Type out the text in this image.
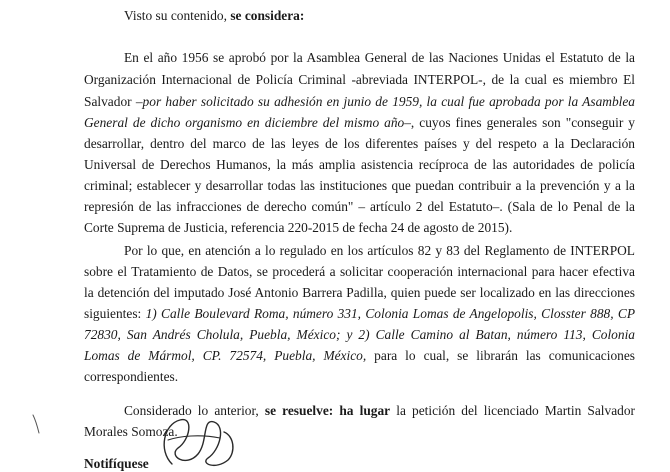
Visto su contenido, se considera:
En el año 1956 se aprobó por la Asamblea General de las Naciones Unidas el Estatuto de la
Organización Internacional de Policía Criminal -abreviada INTERPOL-, de la cual es miembro El
Salvador –por haber solicitado su adhesión en junio de 1959, la cual fue aprobada por la Asamblea
General de dicho organismo en diciembre del mismo año–, cuyos fines generales son "conseguir y
desarrollar, dentro del marco de las leyes de los diferentes países y del respeto a la Declaración
Universal de Derechos Humanos, la más amplia asistencia recíproca de las autoridades de policía
criminal; establecer y desarrollar todas las instituciones que puedan contribuir a la prevención y a la
represión de las infracciones de derecho común" – artículo 2 del Estatuto–. (Sala de lo Penal de la
Corte Suprema de Justicia, referencia 220-2015 de fecha 24 de agosto de 2015).
Por lo que, en atención a lo regulado en los artículos 82 y 83 del Reglamento de INTERPOL
sobre el Tratamiento de Datos, se procederá a solicitar cooperación internacional para hacer efectiva
la detención del imputado José Antonio Barrera Padilla, quien puede ser localizado en las direcciones
siguientes: 1) Calle Boulevard Roma, número 331, Colonia Lomas de Angelopolis, Closster 888, CP
72830, San Andrés Cholula, Puebla, México; y 2) Calle Camino al Batan, número 113, Colonia
Lomas de Mármol, CP. 72574, Puebla, México, para lo cual, se librarán las comunicaciones
correspondientes.
Considerado lo anterior, se resuelve: ha lugar la petición del licenciado Martin Salvador
Morales Somoza.
Notifíquese
